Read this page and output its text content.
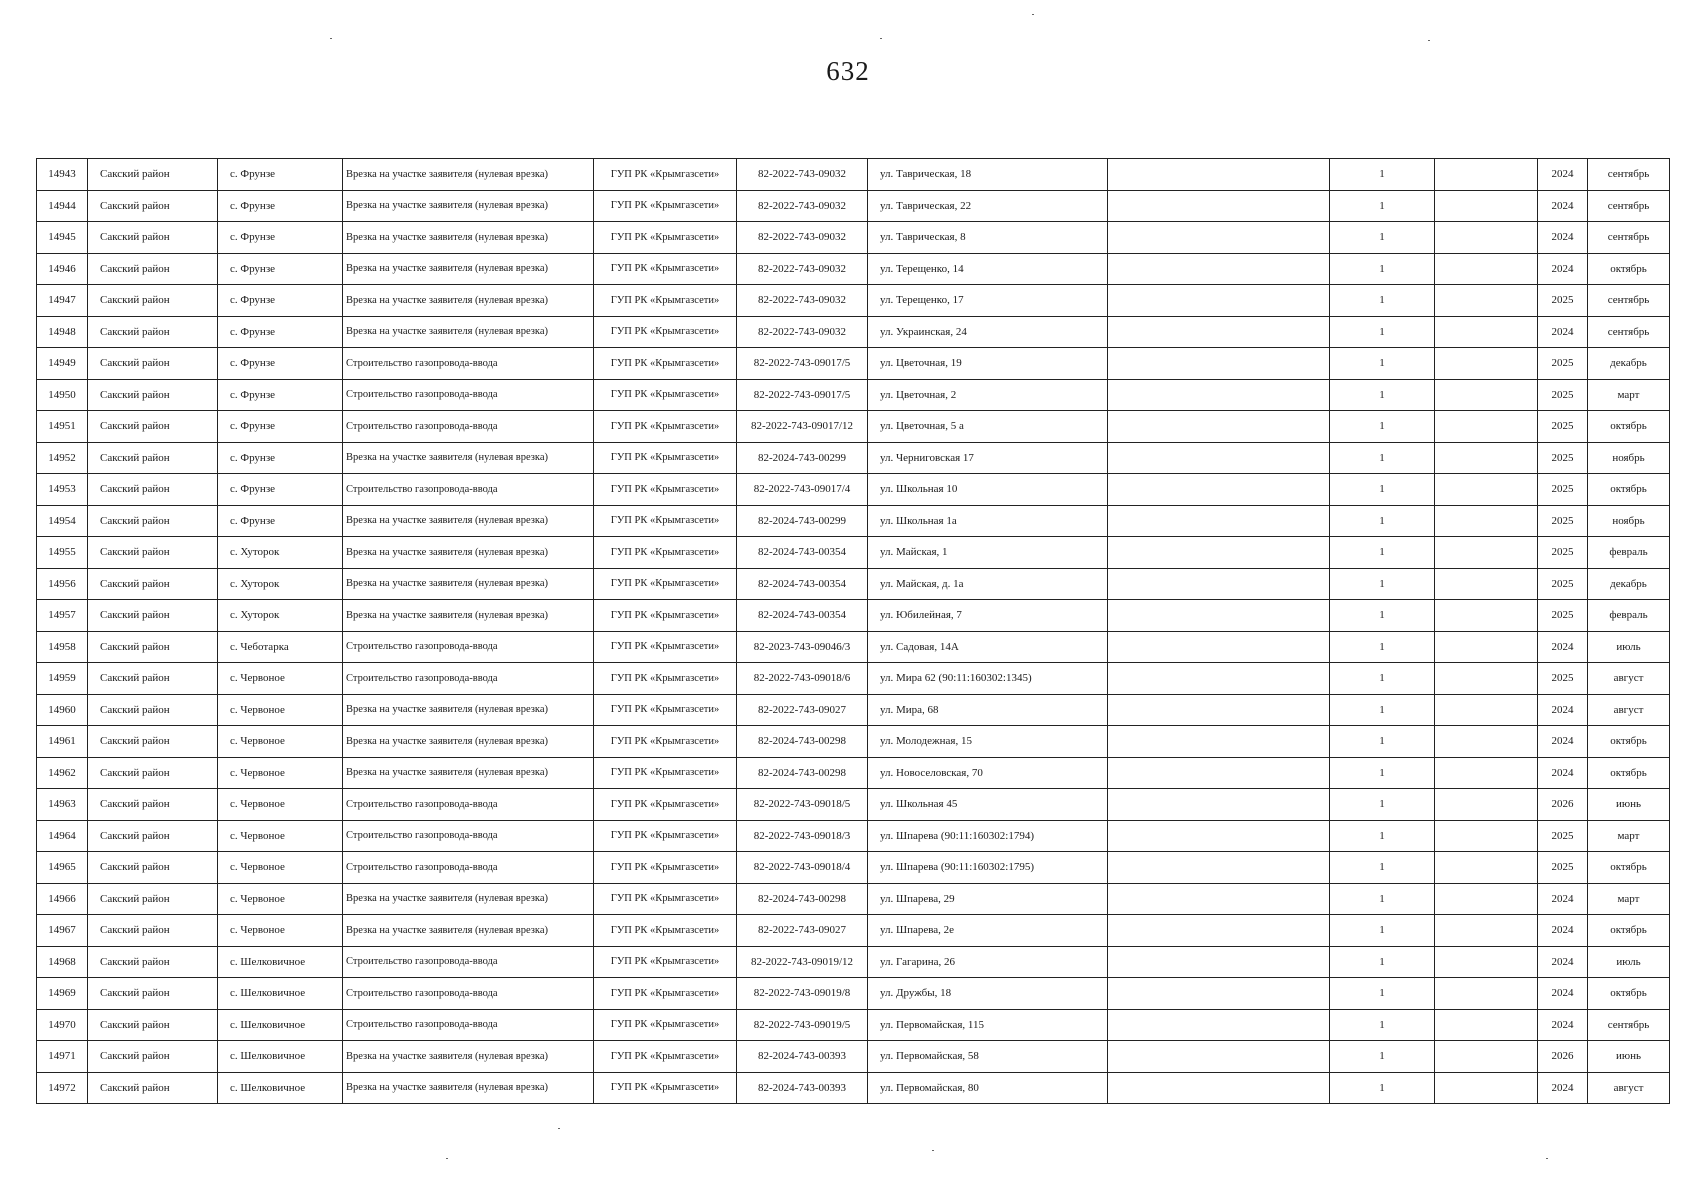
632
14943	Сакский район	с. Фрунзе	Врезка на участке заявителя (нулевая врезка)	ГУП РК «Крымгазсети»	82-2022-743-09032	ул. Таврическая, 18		1		2024	сентябрь
14944	Сакский район	с. Фрунзе	Врезка на участке заявителя (нулевая врезка)	ГУП РК «Крымгазсети»	82-2022-743-09032	ул. Таврическая, 22		1		2024	сентябрь
14945	Сакский район	с. Фрунзе	Врезка на участке заявителя (нулевая врезка)	ГУП РК «Крымгазсети»	82-2022-743-09032	ул. Таврическая, 8		1		2024	сентябрь
14946	Сакский район	с. Фрунзе	Врезка на участке заявителя (нулевая врезка)	ГУП РК «Крымгазсети»	82-2022-743-09032	ул. Терещенко, 14		1		2024	октябрь
14947	Сакский район	с. Фрунзе	Врезка на участке заявителя (нулевая врезка)	ГУП РК «Крымгазсети»	82-2022-743-09032	ул. Терещенко, 17		1		2025	сентябрь
14948	Сакский район	с. Фрунзе	Врезка на участке заявителя (нулевая врезка)	ГУП РК «Крымгазсети»	82-2022-743-09032	ул. Украинская, 24		1		2024	сентябрь
14949	Сакский район	с. Фрунзе	Строительство газопровода-ввода	ГУП РК «Крымгазсети»	82-2022-743-09017/5	ул. Цветочная, 19		1		2025	декабрь
14950	Сакский район	с. Фрунзе	Строительство газопровода-ввода	ГУП РК «Крымгазсети»	82-2022-743-09017/5	ул. Цветочная, 2		1		2025	март
14951	Сакский район	с. Фрунзе	Строительство газопровода-ввода	ГУП РК «Крымгазсети»	82-2022-743-09017/12	ул. Цветочная, 5 а		1		2025	октябрь
14952	Сакский район	с. Фрунзе	Врезка на участке заявителя (нулевая врезка)	ГУП РК «Крымгазсети»	82-2024-743-00299	ул. Черниговская 17		1		2025	ноябрь
14953	Сакский район	с. Фрунзе	Строительство газопровода-ввода	ГУП РК «Крымгазсети»	82-2022-743-09017/4	ул. Школьная 10		1		2025	октябрь
14954	Сакский район	с. Фрунзе	Врезка на участке заявителя (нулевая врезка)	ГУП РК «Крымгазсети»	82-2024-743-00299	ул. Школьная 1а		1		2025	ноябрь
14955	Сакский район	с. Хуторок	Врезка на участке заявителя (нулевая врезка)	ГУП РК «Крымгазсети»	82-2024-743-00354	ул. Майская, 1		1		2025	февраль
14956	Сакский район	с. Хуторок	Врезка на участке заявителя (нулевая врезка)	ГУП РК «Крымгазсети»	82-2024-743-00354	ул. Майская, д. 1а		1		2025	декабрь
14957	Сакский район	с. Хуторок	Врезка на участке заявителя (нулевая врезка)	ГУП РК «Крымгазсети»	82-2024-743-00354	ул. Юбилейная, 7		1		2025	февраль
14958	Сакский район	с. Чеботарка	Строительство газопровода-ввода	ГУП РК «Крымгазсети»	82-2023-743-09046/3	ул. Садовая, 14А		1		2024	июль
14959	Сакский район	с. Червоное	Строительство газопровода-ввода	ГУП РК «Крымгазсети»	82-2022-743-09018/6	ул. Мира 62 (90:11:160302:1345)		1		2025	август
14960	Сакский район	с. Червоное	Врезка на участке заявителя (нулевая врезка)	ГУП РК «Крымгазсети»	82-2022-743-09027	ул. Мира, 68		1		2024	август
14961	Сакский район	с. Червоное	Врезка на участке заявителя (нулевая врезка)	ГУП РК «Крымгазсети»	82-2024-743-00298	ул. Молодежная, 15		1		2024	октябрь
14962	Сакский район	с. Червоное	Врезка на участке заявителя (нулевая врезка)	ГУП РК «Крымгазсети»	82-2024-743-00298	ул. Новоселовская, 70		1		2024	октябрь
14963	Сакский район	с. Червоное	Строительство газопровода-ввода	ГУП РК «Крымгазсети»	82-2022-743-09018/5	ул. Школьная 45		1		2026	июнь
14964	Сакский район	с. Червоное	Строительство газопровода-ввода	ГУП РК «Крымгазсети»	82-2022-743-09018/3	ул. Шпарева (90:11:160302:1794)		1		2025	март
14965	Сакский район	с. Червоное	Строительство газопровода-ввода	ГУП РК «Крымгазсети»	82-2022-743-09018/4	ул. Шпарева (90:11:160302:1795)		1		2025	октябрь
14966	Сакский район	с. Червоное	Врезка на участке заявителя (нулевая врезка)	ГУП РК «Крымгазсети»	82-2024-743-00298	ул. Шпарева, 29		1		2024	март
14967	Сакский район	с. Червоное	Врезка на участке заявителя (нулевая врезка)	ГУП РК «Крымгазсети»	82-2022-743-09027	ул. Шпарева, 2е		1		2024	октябрь
14968	Сакский район	с. Шелковичное	Строительство газопровода-ввода	ГУП РК «Крымгазсети»	82-2022-743-09019/12	ул. Гагарина, 26		1		2024	июль
14969	Сакский район	с. Шелковичное	Строительство газопровода-ввода	ГУП РК «Крымгазсети»	82-2022-743-09019/8	ул. Дружбы, 18		1		2024	октябрь
14970	Сакский район	с. Шелковичное	Строительство газопровода-ввода	ГУП РК «Крымгазсети»	82-2022-743-09019/5	ул. Первомайская, 115		1		2024	сентябрь
14971	Сакский район	с. Шелковичное	Врезка на участке заявителя (нулевая врезка)	ГУП РК «Крымгазсети»	82-2024-743-00393	ул. Первомайская, 58		1		2026	июнь
14972	Сакский район	с. Шелковичное	Врезка на участке заявителя (нулевая врезка)	ГУП РК «Крымгазсети»	82-2024-743-00393	ул. Первомайская, 80		1		2024	август
